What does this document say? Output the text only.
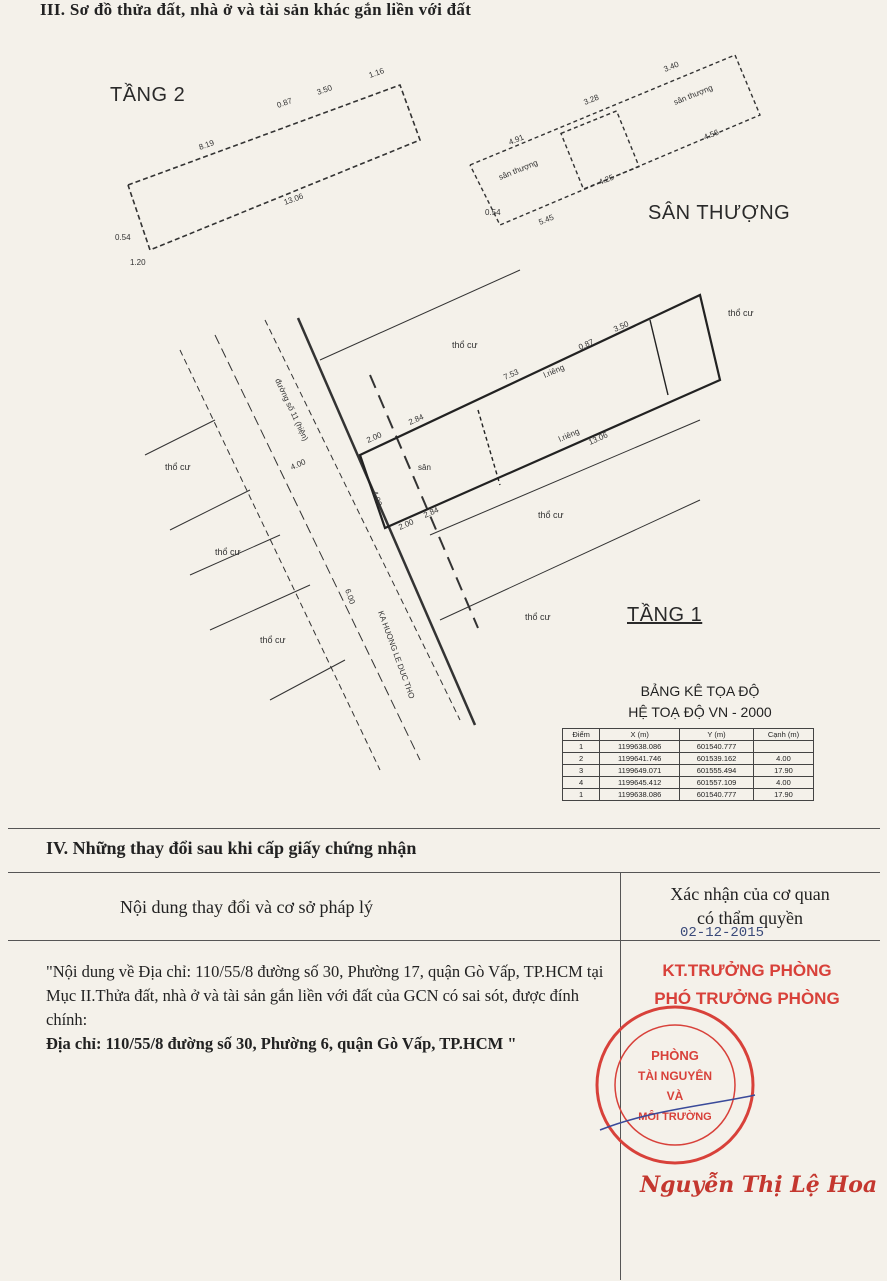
III. Sơ đồ thửa đất, nhà ở và tài sản khác gắn liền với đất
8.19
13.06
0.87
3.50
1.16
1.20
0.54
4.91
3.28
3.40
4.25
5.45
4.56
0.54
sân thượng
sân thượng
7.53
13.06
0.87
3.50
2.84
2.00
2.00
2.84
4.00
4.00
6.00
sân
l.riêng
l.riêng
KA HUONG LE DUC THO
đường số 11 (hiện)
thổ cư
thổ cư
thổ cư
thổ cư
thổ cư
thổ cư
thổ cư
TẦNG 2
SÂN THƯỢNG
TẦNG 1
BẢNG KÊ TỌA ĐỘ
HỆ TOẠ ĐỘ VN - 2000
Điểm	X (m)	Y (m)	Cạnh (m)
1	1199638.086	601540.777	
2	1199641.746	601539.162	4.00
3	1199649.071	601555.494	17.90
4	1199645.412	601557.109	4.00
1	1199638.086	601540.777	17.90
IV. Những thay đổi sau khi cấp giấy chứng nhận
Nội dung thay đổi và cơ sở pháp lý
Xác nhận của cơ quan
có thẩm quyền
02-12-2015
"Nội dung về Địa chỉ: 110/55/8 đường số 30, Phường 17, quận Gò Vấp, TP.HCM tại Mục II.Thửa đất, nhà ở và tài sản gắn liền với đất của GCN có sai sót, được đính chính:
Địa chỉ: 110/55/8 đường số 30, Phường 6, quận Gò Vấp, TP.HCM "
KT.TRƯỞNG PHÒNG
PHÓ TRƯỞNG PHÒNG
PHÒNG
TÀI NGUYÊN
VÀ
MÔI TRƯỜNG
Nguyễn Thị Lệ Hoa
